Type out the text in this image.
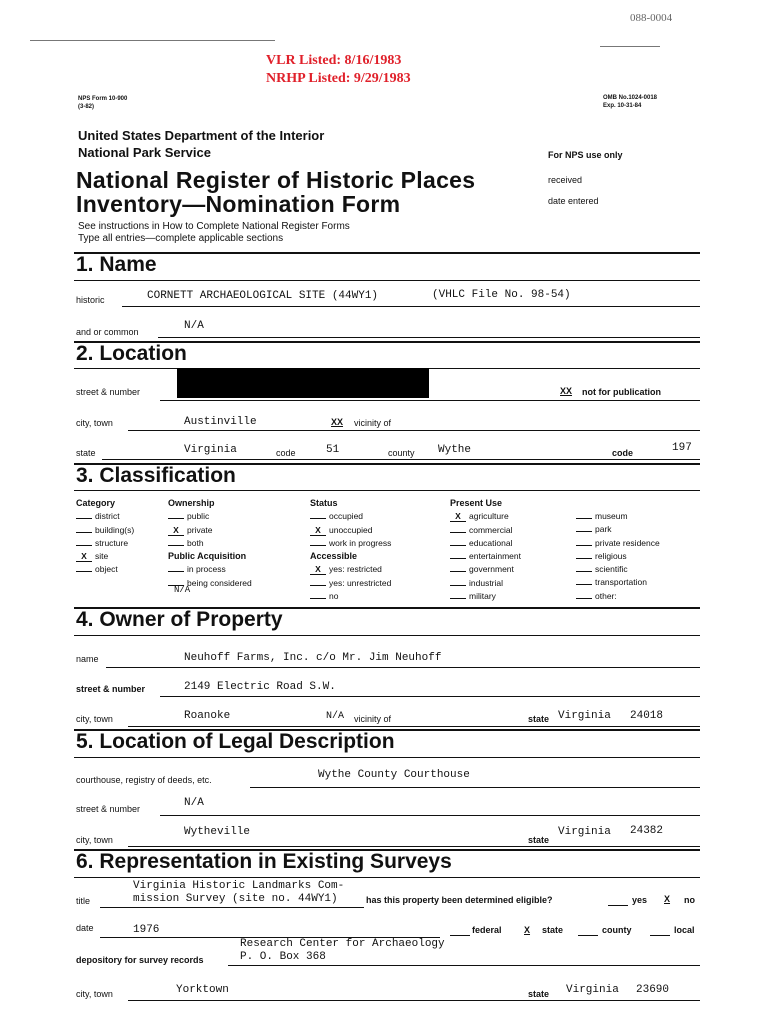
088-0004
VLR Listed: 8/16/1983
NRHP Listed: 9/29/1983
NPS Form 10-900
(3-82)
OMB No.1024-0018
Exp. 10-31-84
United States Department of the Interior
National Park Service	For NPS use only
National Register of Historic Places
Inventory—Nomination Form
received
date entered
See instructions in How to Complete National Register Forms
Type all entries—complete applicable sections
1. Name
historic	CORNETT ARCHAEOLOGICAL SITE (44WY1)	(VHLC File No. 98-54)
and or common	N/A
2. Location
street & number	XX not for publication
city, town	Austinville	XX vicinity of
state	Virginia	code	51	county Wythe	code	197
3. Classification
Category
district
building(s)
structure
X site
object
Ownership
public
X private
both
Public Acquisition
in process
being considered
N/A
Status
occupied
X unoccupied
work in progress
Accessible
X yes: restricted
yes: unrestricted
no
Present Use
X agriculture
commercial
educational
entertainment
government
industrial
military
museum
park
private residence
religious
scientific
transportation
other:
4. Owner of Property
name	Neuhoff Farms, Inc. c/o Mr. Jim Neuhoff
street & number	2149 Electric Road S.W.
city, town	Roanoke	N/A vicinity of	state Virginia 24018
5. Location of Legal Description
courthouse, registry of deeds, etc.	Wythe County Courthouse
street & number	N/A
city, town
Wytheville
state
Virginia 24382
6. Representation in Existing Surveys
title
Virginia Historic Landmarks Com-
mission Survey (site no. 44WY1)	has this property been determined eligible?	yes X no
date	1976	federal X state	county	local
Research Center for Archaeology
depository for survey records	P. O. Box 368
city, town	Yorktown	state Virginia 23690
